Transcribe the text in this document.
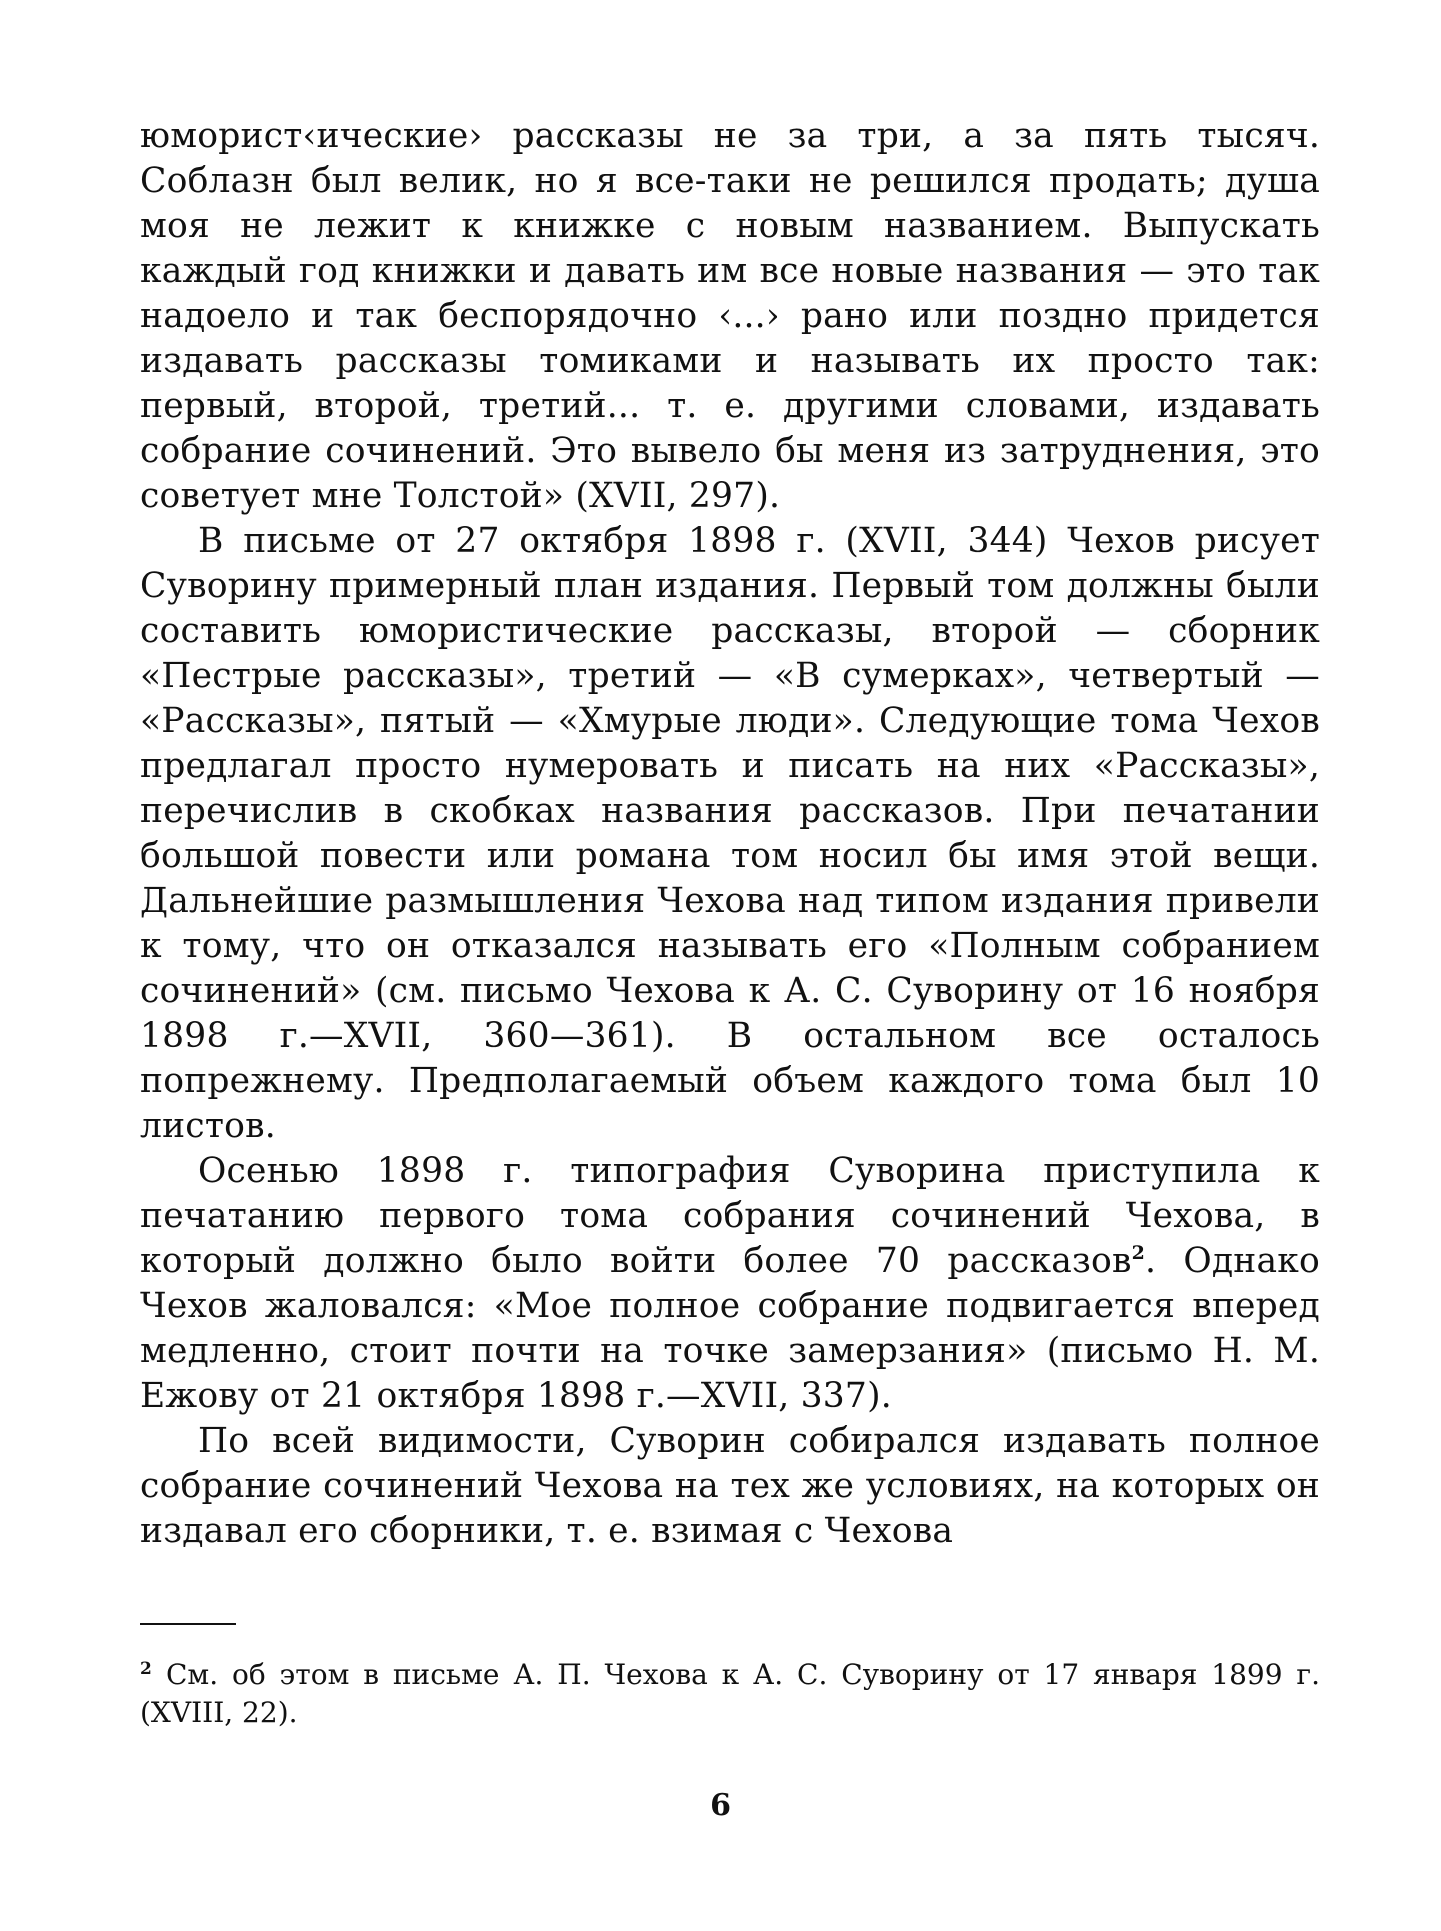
юморист‹ические› рассказы не за три, а за пять тысяч. Соблазн был велик, но я все-таки не решился продать; душа моя не лежит к книжке с новым названием. Выпускать каждый год книжки и давать им все новые названия — это так надоело и так беспорядочно ‹...› рано или поздно придется издавать рассказы томиками и называть их просто так: первый, второй, третий... т. е. другими словами, издавать собрание сочинений. Это вывело бы меня из затруднения, это советует мне Толстой» (XVII, 297).

В письме от 27 октября 1898 г. (XVII, 344) Чехов рисует Суворину примерный план издания. Первый том должны были составить юмористические рассказы, второй — сборник «Пестрые рассказы», третий — «В сумерках», четвертый — «Рассказы», пятый — «Хмурые люди». Следующие тома Чехов предлагал просто нумеровать и писать на них «Рассказы», перечислив в скобках названия рассказов. При печатании большой повести или романа том носил бы имя этой вещи. Дальнейшие размышления Чехова над типом издания привели к тому, что он отказался называть его «Полным собранием сочинений» (см. письмо Чехова к А. С. Суворину от 16 ноября 1898 г.—XVII, 360—361). В остальном все осталось попрежнему. Предполагаемый объем каждого тома был 10 листов.

Осенью 1898 г. типография Суворина приступила к печатанию первого тома собрания сочинений Чехова, в который должно было войти более 70 рассказов$^2$. Однако Чехов жаловался: «Мое полное собрание подвигается вперед медленно, стоит почти на точке замерзания» (письмо Н. М. Ежову от 21 октября 1898 г.—XVII, 337).

По всей видимости, Суворин собирался издавать полное собрание сочинений Чехова на тех же условиях, на которых он издавал его сборники, т. е. взимая с Чехова

2 См. об этом в письме А. П. Чехова к А. С. Суворину от 17 января 1899 г. (XVIII, 22).
6
